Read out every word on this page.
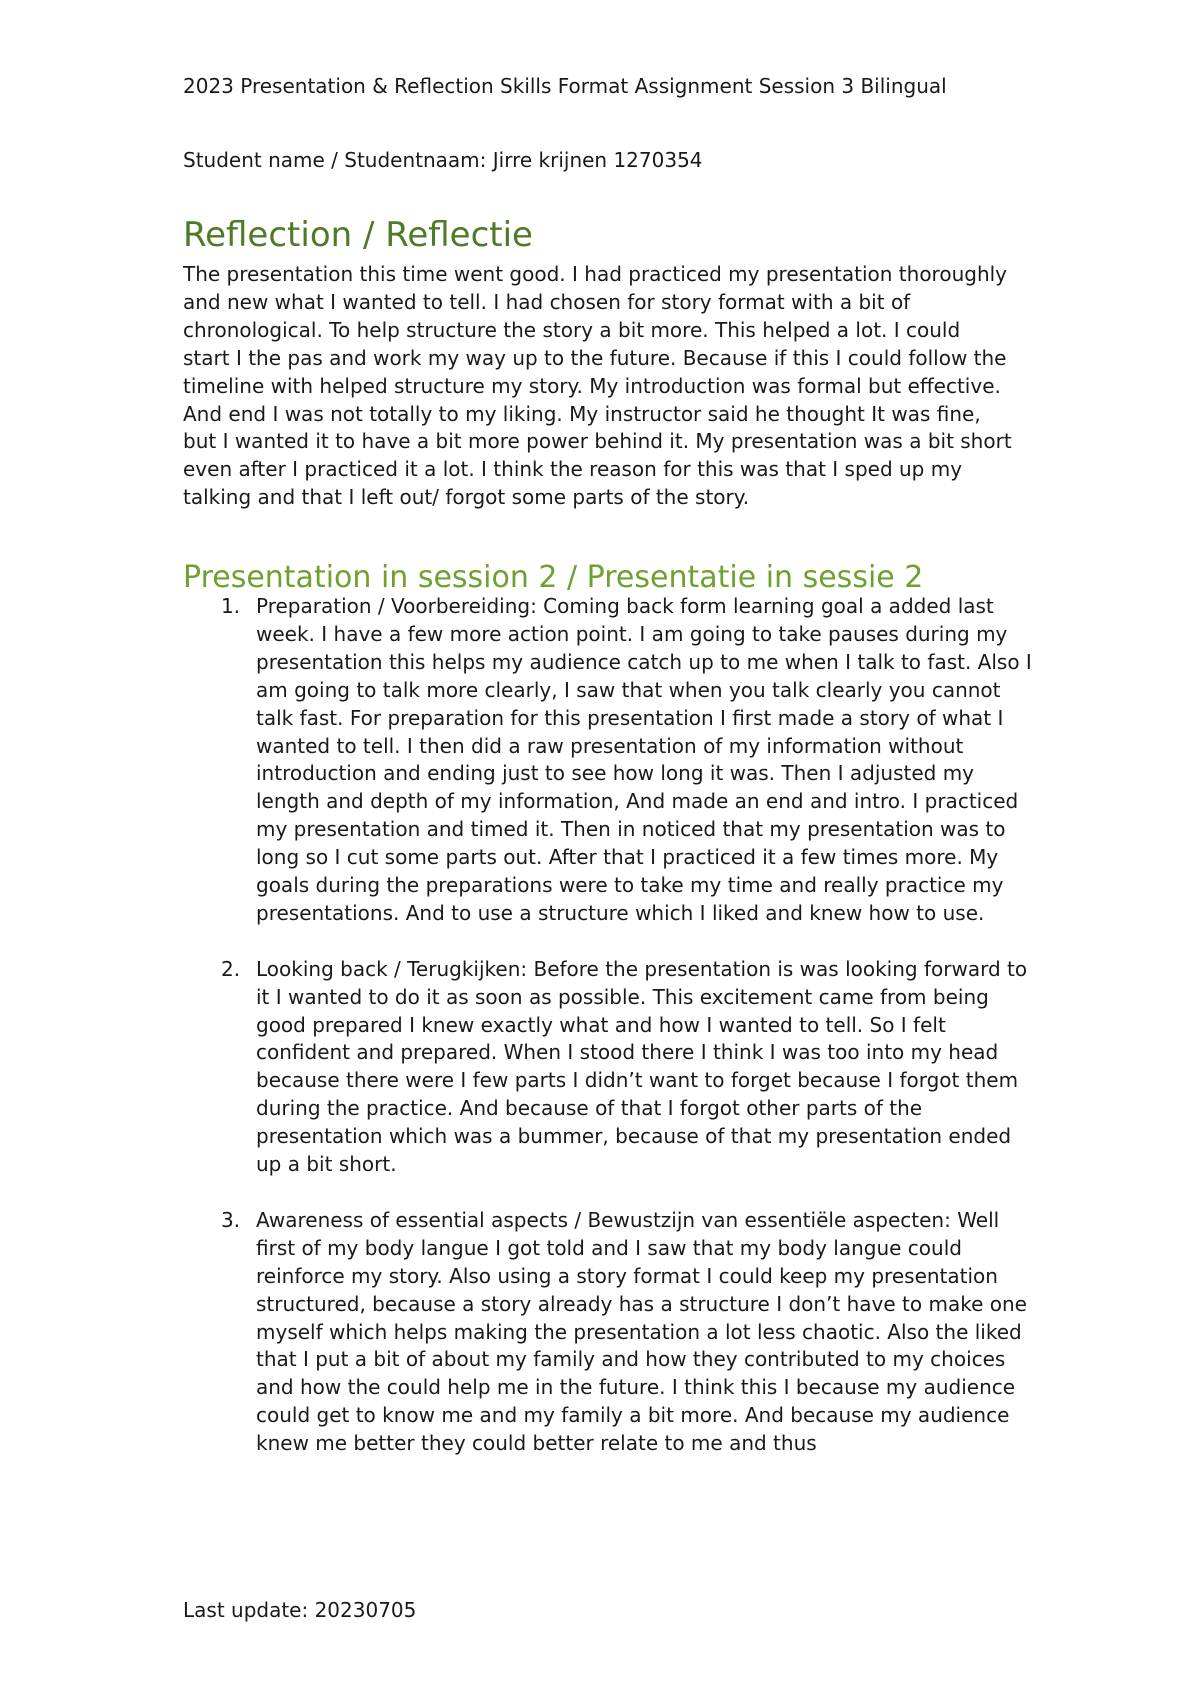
2023 Presentation & Reflection Skills Format Assignment Session 3 Bilingual
Student name / Studentnaam: Jirre krijnen 1270354
Reflection / Reflectie

The presentation this time went good. I had practiced my presentation thoroughly and new what I wanted to tell. I had chosen for story format with a bit of chronological. To help structure the story a bit more. This helped a lot. I could start I the pas and work my way up to the future. Because if this I could follow the timeline with helped structure my story. My introduction was formal but effective. And end I was not totally to my liking. My instructor said he thought It was fine, but I wanted it to have a bit more power behind it. My presentation was a bit short even after I practiced it a lot. I think the reason for this was that I sped up my talking and that I left out/ forgot some parts of the story.

Presentation in session 2 / Presentatie in sessie 2
1. Preparation / Voorbereiding: Coming back form learning goal a added last week. I have a few more action point. I am going to take pauses during my presentation this helps my audience catch up to me when I talk to fast. Also I am going to talk more clearly, I saw that when you talk clearly you cannot talk fast. For preparation for this presentation I first made a story of what I wanted to tell. I then did a raw presentation of my information without introduction and ending just to see how long it was. Then I adjusted my length and depth of my information, And made an end and intro. I practiced my presentation and timed it. Then in noticed that my presentation was to long so I cut some parts out. After that I practiced it a few times more. My goals during the preparations were to take my time and really practice my presentations. And to use a structure which I liked and knew how to use.
2. Looking back / Terugkijken: Before the presentation is was looking forward to it I wanted to do it as soon as possible. This excitement came from being good prepared I knew exactly what and how I wanted to tell. So I felt confident and prepared. When I stood there I think I was too into my head because there were I few parts I didn’t want to forget because I forgot them during the practice. And because of that I forgot other parts of the presentation which was a bummer, because of that my presentation ended up a bit short.
3. Awareness of essential aspects / Bewustzijn van essentiële aspecten: Well first of my body langue I got told and I saw that my body langue could reinforce my story. Also using a story format I could keep my presentation structured, because a story already has a structure I don’t have to make one myself which helps making the presentation a lot less chaotic. Also the liked that I put a bit of about my family and how they contributed to my choices and how the could help me in the future. I think this I because my audience could get to know me and my family a bit more. And because my audience knew me better they could better relate to me and thus
Last update: 20230705
